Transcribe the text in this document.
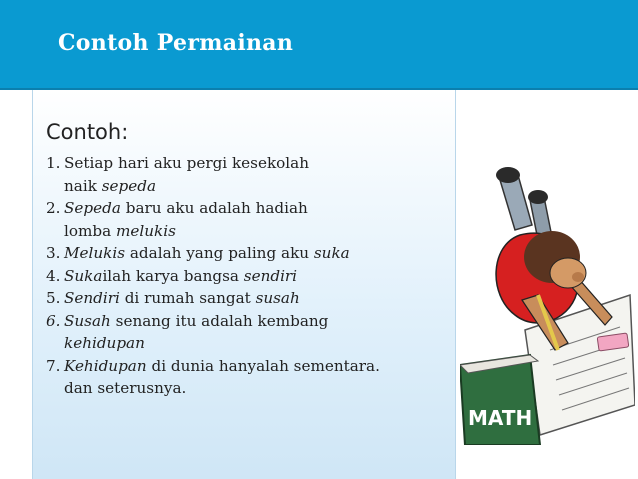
Contoh Permainan
Contoh:
1. Setiap hari aku pergi kesekolah
naik sepeda
2. Sepeda baru aku adalah hadiah
lomba melukis
3. Melukis adalah yang paling aku suka
4. Sukailah karya bangsa sendiri
5. Sendiri di rumah sangat susah
6. Susah senang itu adalah kembang
kehidupan
7. Kehidupan di dunia hanyalah sementara.
dan seterusnya.
MATH
